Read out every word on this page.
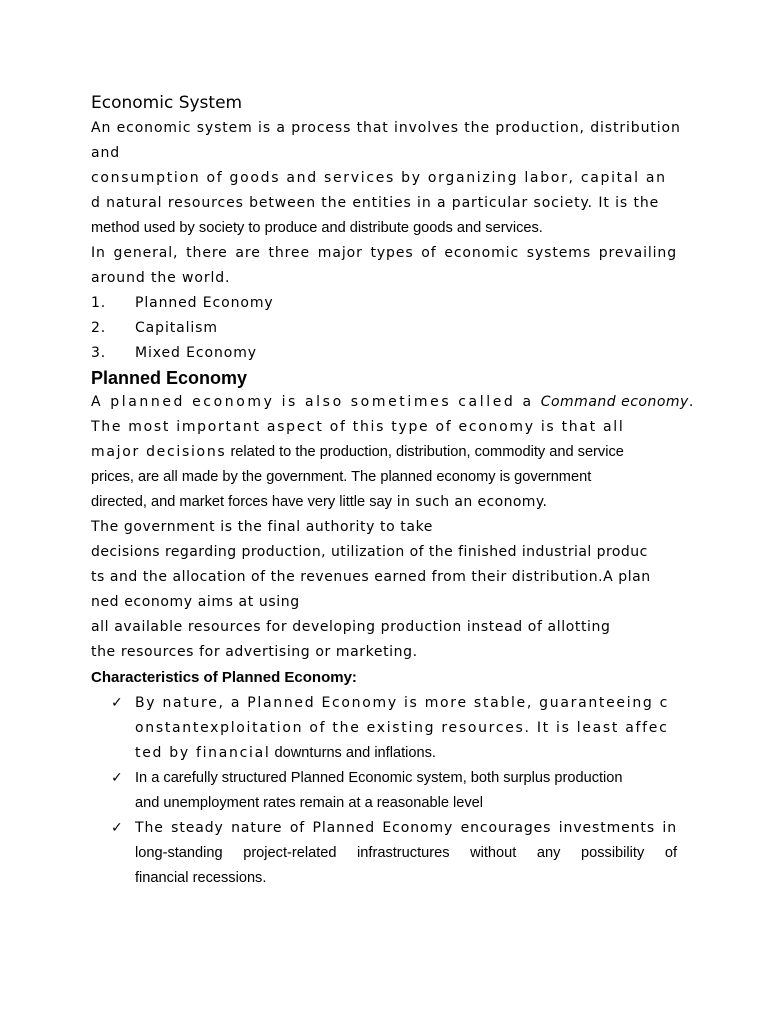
Economic System
An economic system is a process that involves the production, distribution
and
consumption of goods and services by organizing labor, capital an
d natural resources between the entities in a particular society. It is the
method used by society to produce and distribute goods and services.
In general, there are three major types of economic systems prevailing
around the world.
1.	Planned Economy
2.	Capitalism
3.	Mixed Economy
Planned Economy
A planned economy is also sometimes called a Command economy.
The most important aspect of this type of economy is that all
major decisions related to the production, distribution, commodity and service
prices, are all made by the government. The planned economy is government
directed, and market forces have very little say in such an economy.
The government is the final authority to take
decisions regarding production, utilization of the finished industrial produc
ts and the allocation of the revenues earned from their distribution.A plan
ned economy aims at using
all available resources for developing production instead of allotting
the resources for advertising or marketing.
Characteristics of Planned Economy:
✓ By nature, a Planned Economy is more stable, guaranteeing c
onstantexploitation of the existing resources. It is least affec
ted by financial downturns and inflations.
✓ In a carefully structured Planned Economic system, both surplus production
and unemployment rates remain at a reasonable level
✓ The steady nature of Planned Economy encourages investments in
long-standing project-related infrastructures without any possibility of
financial recessions.
